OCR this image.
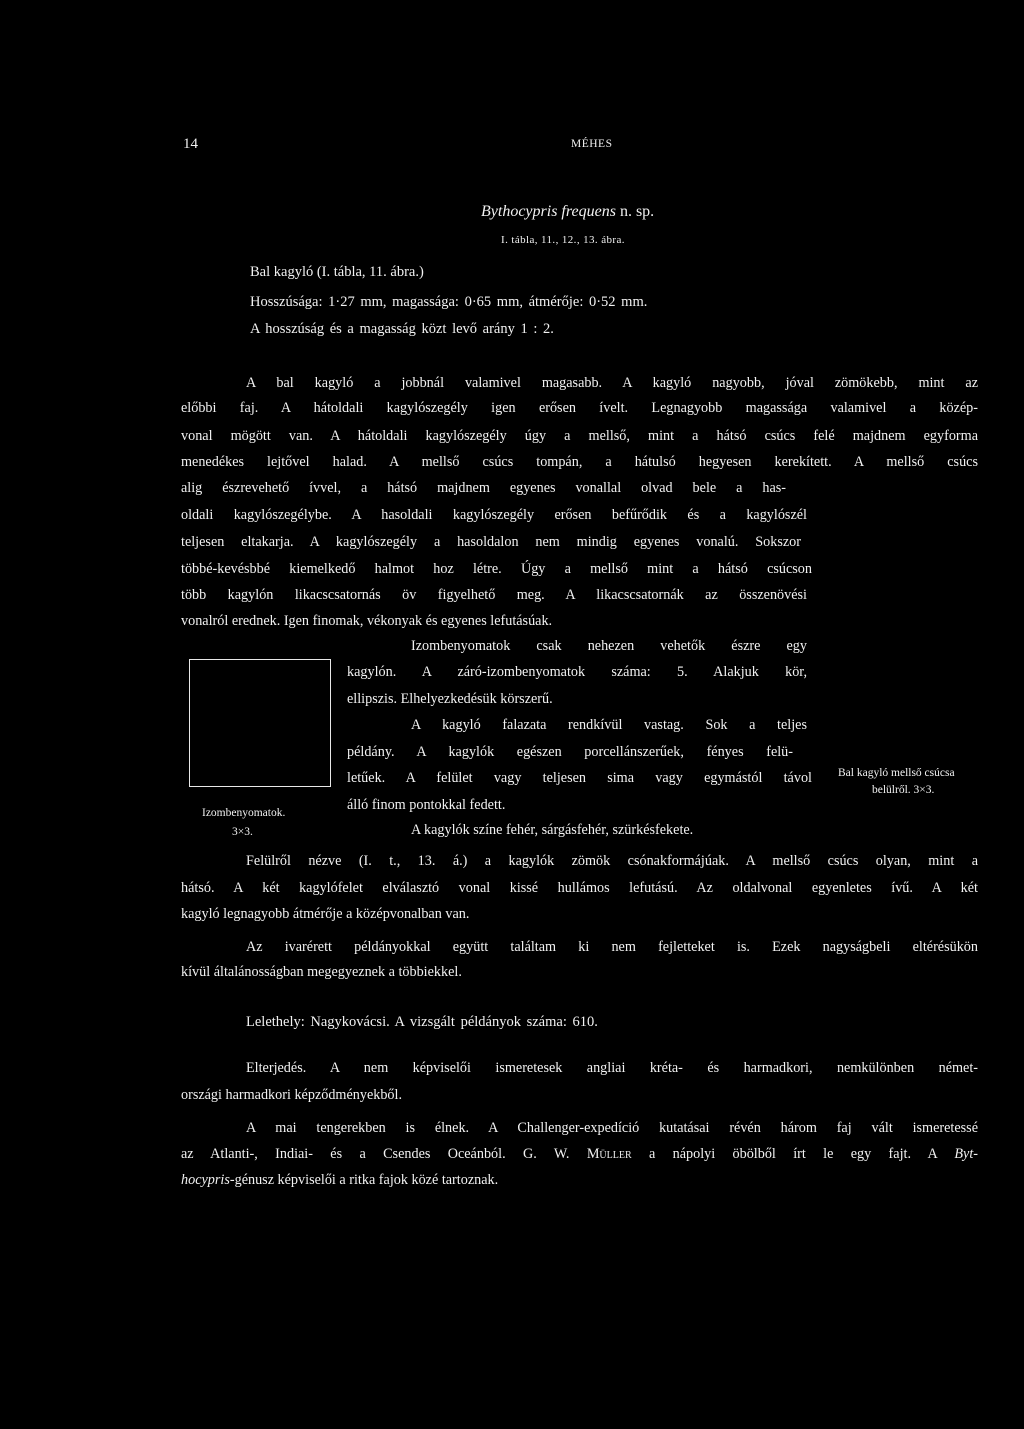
14	MÉHES
Bythocypris frequens n. sp.
I. tábla, 11., 12., 13. ábra.
Bal kagyló (I. tábla, 11. ábra.)
Hosszúsága: 1·27 mm, magassága: 0·65 mm, átmérője: 0·52 mm.
A hosszúság és a magasság közt levő arány 1 : 2.
A bal kagyló a jobbnál valamivel magasabb. A kagyló nagyobb, jóval zömökebb, mint az
előbbi faj. A hátoldali kagylószegély igen erősen ívelt. Legnagyobb magassága valamivel a közép-
vonal mögött van. A hátoldali kagylószegély úgy a mellső, mint a hátsó csúcs felé majdnem egyforma
menedékes lejtővel halad. A mellső csúcs tompán, a hátulsó hegyesen kerekített. A mellső csúcs
alig észrevehető ívvel, a hátsó majdnem egyenes vonallal olvad bele a has-
oldali kagylószegélybe. A hasoldali kagylószegély erősen befűrődik és a kagylószél
teljesen eltakarja. A kagylószegély a hasoldalon nem mindig egyenes vonalú. Sokszor
többé-kevésbbé kiemelkedő halmot hoz létre. Úgy a mellső mint a hátsó csúcson
több kagylón likacscsatornás öv figyelhető meg. A likacscsatornák az összenövési
vonalról erednek. Igen finomak, vékonyak és egyenes lefutásúak.
Izombenyomatok.
3×3.
Izombenyomatok csak nehezen vehetők észre egy
kagylón. A záró-izombenyomatok száma: 5. Alakjuk kör,
ellipszis. Elhelyezkedésük körszerű.
A kagyló falazata rendkívül vastag. Sok a teljes
példány. A kagylók egészen porcellánszerűek, fényes felü-
letűek. A felület vagy teljesen sima vagy egymástól távol
álló finom pontokkal fedett.
A kagylók színe fehér, sárgásfehér, szürkésfekete.
Bal kagyló mellső csúcsa
belülről. 3×3.
Felülről nézve (I. t., 13. á.) a kagylók zömök csónakformájúak. A mellső csúcs olyan, mint a
hátsó. A két kagylófelet elválasztó vonal kissé hullámos lefutású. Az oldalvonal egyenletes ívű. A két
kagyló legnagyobb átmérője a középvonalban van.
Az ivarérett példányokkal együtt találtam ki nem fejletteket is. Ezek nagyságbeli eltérésükön
kívül általánosságban megegyeznek a többiekkel.
Lelethely: Nagykovácsi. A vizsgált példányok száma: 610.
Elterjedés. A nem képviselői ismeretesek angliai kréta- és harmadkori, nemkülönben német-
országi harmadkori képződményekből.
A mai tengerekben is élnek. A Challenger-expedíció kutatásai révén három faj vált ismeretessé
az Atlanti-, Indiai- és a Csendes Oceánból. G. W. Müller a nápolyi öbölből írt le egy fajt. A Byt-
hocypris-génusz képviselői a ritka fajok közé tartoznak.
